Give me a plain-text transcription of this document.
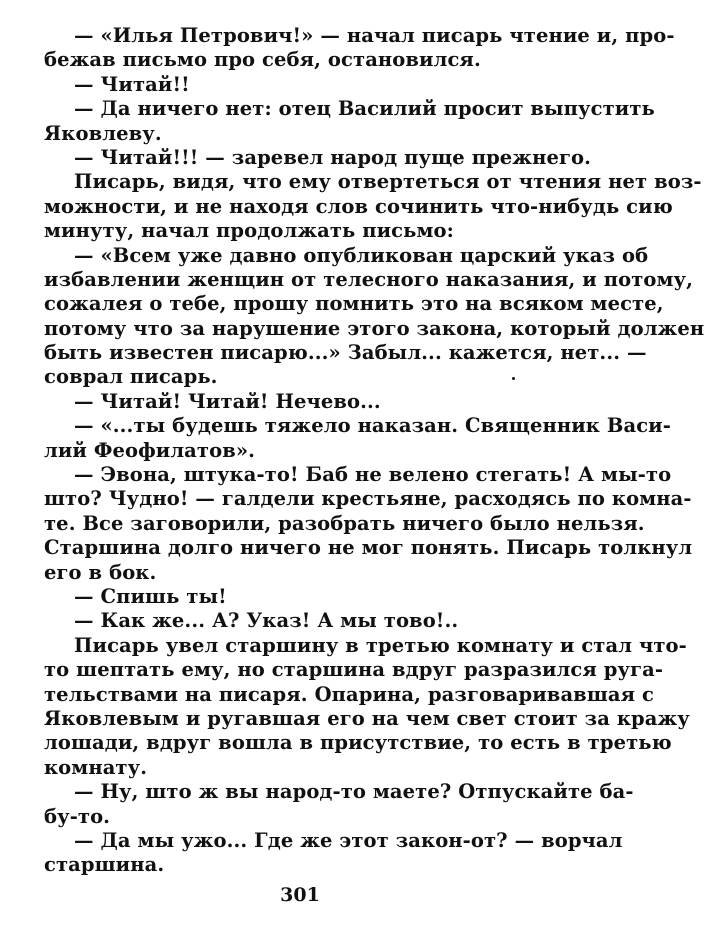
— «Илья Петрович!» — начал писарь чтение и, про-
бежав письмо про себя, остановился.
— Читай!!
— Да ничего нет: отец Василий просит выпустить
Яковлеву.
— Читай!!! — заревел народ пуще прежнего.
Писарь, видя, что ему отвертеться от чтения нет воз-
можности, и не находя слов сочинить что-нибудь сию
минуту, начал продолжать письмо:
— «Всем уже давно опубликован царский указ об
избавлении женщин от телесного наказания, и потому,
сожалея о тебе, прошу помнить это на всяком месте,
потому что за нарушение этого закона, который должен
быть известен писарю...» Забыл... кажется, нет... —
соврал писарь.
— Читай! Читай! Нечево...
— «...ты будешь тяжело наказан. Священник Васи-
лий Феофилатов».
— Эвона, штука-то! Баб не велено стегать! А мы-то
што? Чудно! — галдели крестьяне, расходясь по комна-
те. Все заговорили, разобрать ничего было нельзя.
Старшина долго ничего не мог понять. Писарь толкнул
его в бок.
— Спишь ты!
— Как же... А? Указ! А мы тово!..
Писарь увел старшину в третью комнату и стал что-
то шептать ему, но старшина вдруг разразился руга-
тельствами на писаря. Опарина, разговаривавшая с
Яковлевым и ругавшая его на чем свет стоит за кражу
лошади, вдруг вошла в присутствие, то есть в третью
комнату.
— Ну, што ж вы народ-то маете? Отпускайте ба-
бу-то.
— Да мы ужо... Где же этот закон-от? — ворчал
старшина.
301
